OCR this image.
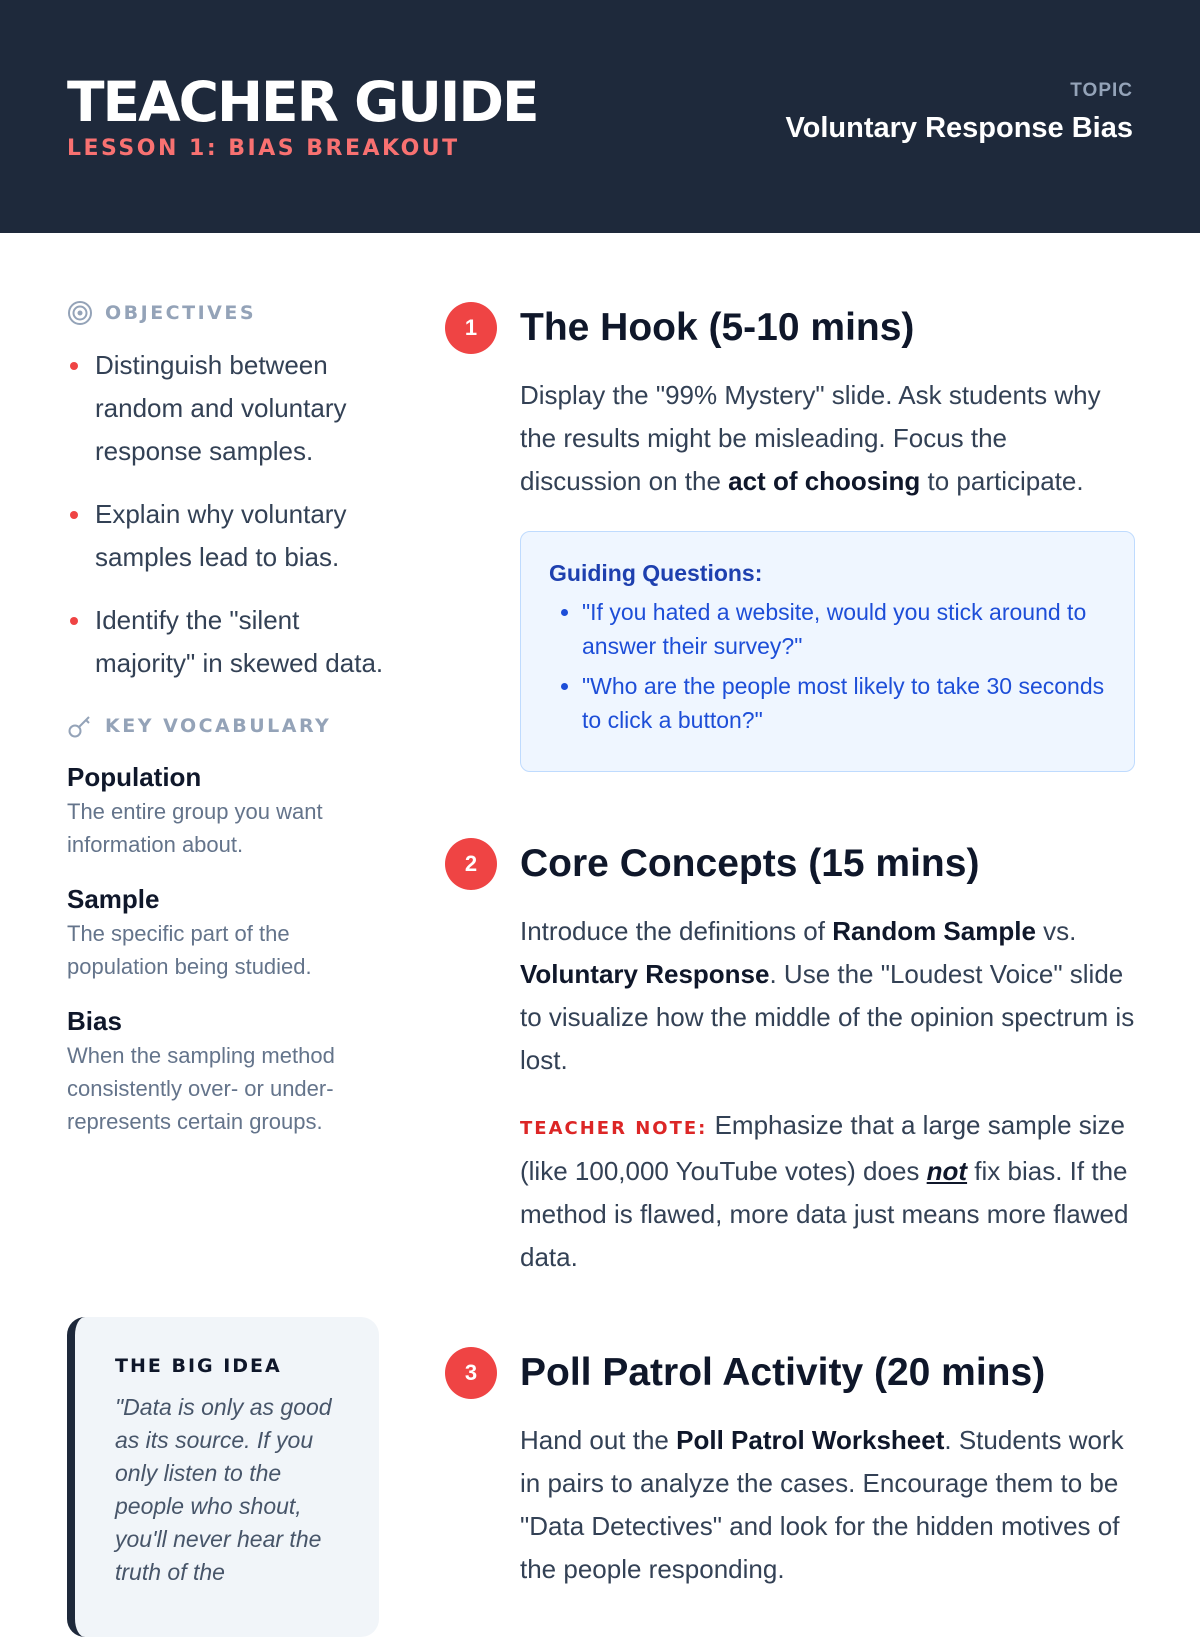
TEACHER GUIDE
LESSON 1: BIAS BREAKOUT
TOPIC
Voluntary Response Bias
OBJECTIVES
Distinguish between random and voluntary response samples.
Explain why voluntary samples lead to bias.
Identify the "silent majority" in skewed data.
KEY VOCABULARY
Population
The entire group you want information about.
Sample
The specific part of the population being studied.
Bias
When the sampling method consistently over- or under-represents certain groups.
THE BIG IDEA
"Data is only as good as its source. If you only listen to the people who shout, you'll never hear the truth of the
1	The Hook (5-10 mins)

Display the "99% Mystery" slide. Ask students why the results might be misleading. Focus the discussion on the act of choosing to participate.

Guiding Questions:
• "If you hated a website, would you stick around to answer their survey?"
• "Who are the people most likely to take 30 seconds to click a button?"
2	Core Concepts (15 mins)

Introduce the definitions of Random Sample vs. Voluntary Response. Use the "Loudest Voice" slide to visualize how the middle of the opinion spectrum is lost.

TEACHER NOTE: Emphasize that a large sample size (like 100,000 YouTube votes) does not fix bias. If the method is flawed, more data just means more flawed data.

3	Poll Patrol Activity (20 mins)

Hand out the Poll Patrol Worksheet. Students work in pairs to analyze the cases. Encourage them to be "Data Detectives" and look for the hidden motives of the people responding.
